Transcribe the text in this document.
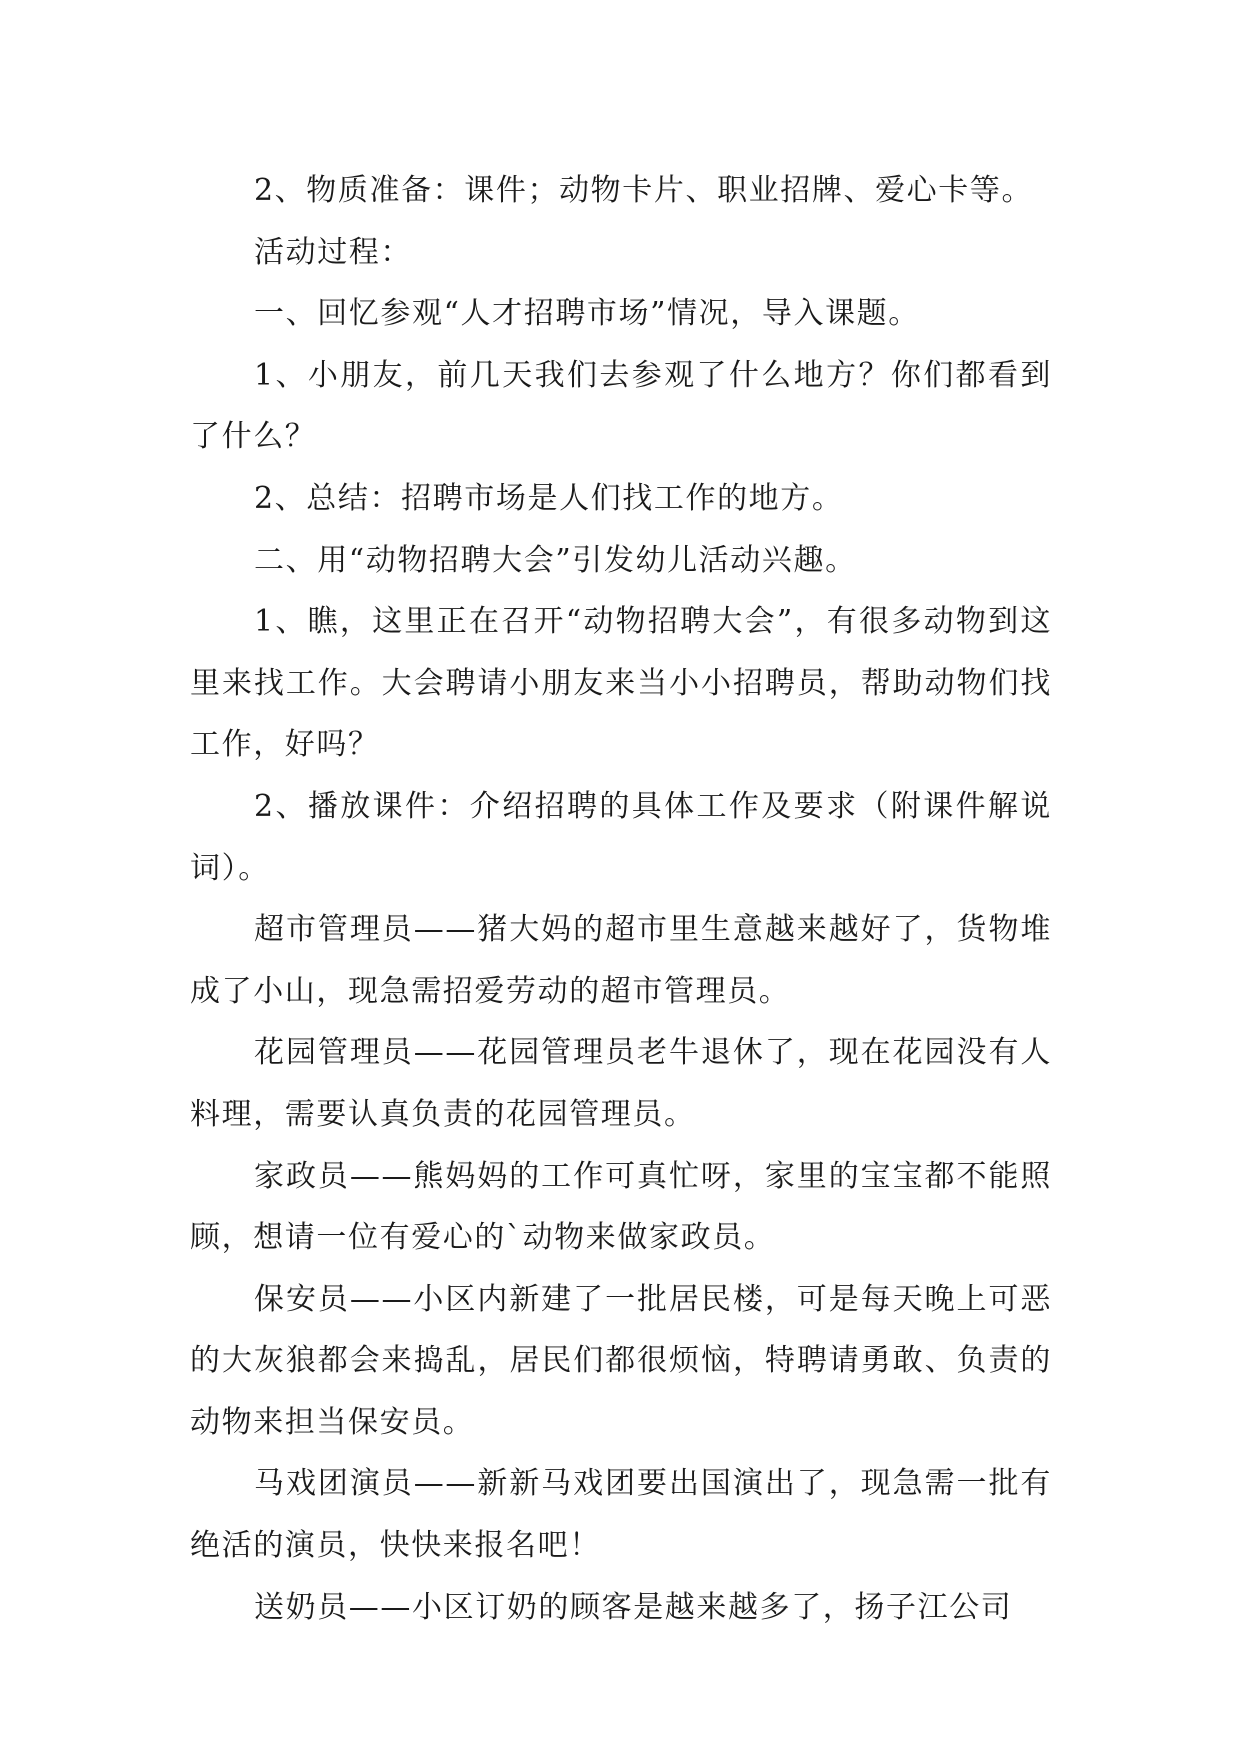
2、物质准备：课件；动物卡片、职业招牌、爱心卡等。

活动过程：

一、回忆参观“人才招聘市场”情况，导入课题。

1、小朋友，前几天我们去参观了什么地方？你们都看到了什么？

2、总结：招聘市场是人们找工作的地方。

二、用“动物招聘大会”引发幼儿活动兴趣。

1、瞧，这里正在召开“动物招聘大会”，有很多动物到这里来找工作。大会聘请小朋友来当小小招聘员，帮助动物们找工作，好吗？

2、播放课件：介绍招聘的具体工作及要求（附课件解说词）。

超市管理员——猪大妈的超市里生意越来越好了，货物堆成了小山，现急需招爱劳动的超市管理员。

花园管理员——花园管理员老牛退休了，现在花园没有人料理，需要认真负责的花园管理员。

家政员——熊妈妈的工作可真忙呀，家里的宝宝都不能照顾，想请一位有爱心的`动物来做家政员。

保安员——小区内新建了一批居民楼，可是每天晚上可恶的大灰狼都会来捣乱，居民们都很烦恼，特聘请勇敢、负责的动物来担当保安员。

马戏团演员——新新马戏团要出国演出了，现急需一批有绝活的演员，快快来报名吧！

送奶员——小区订奶的顾客是越来越多了，扬子江公司
